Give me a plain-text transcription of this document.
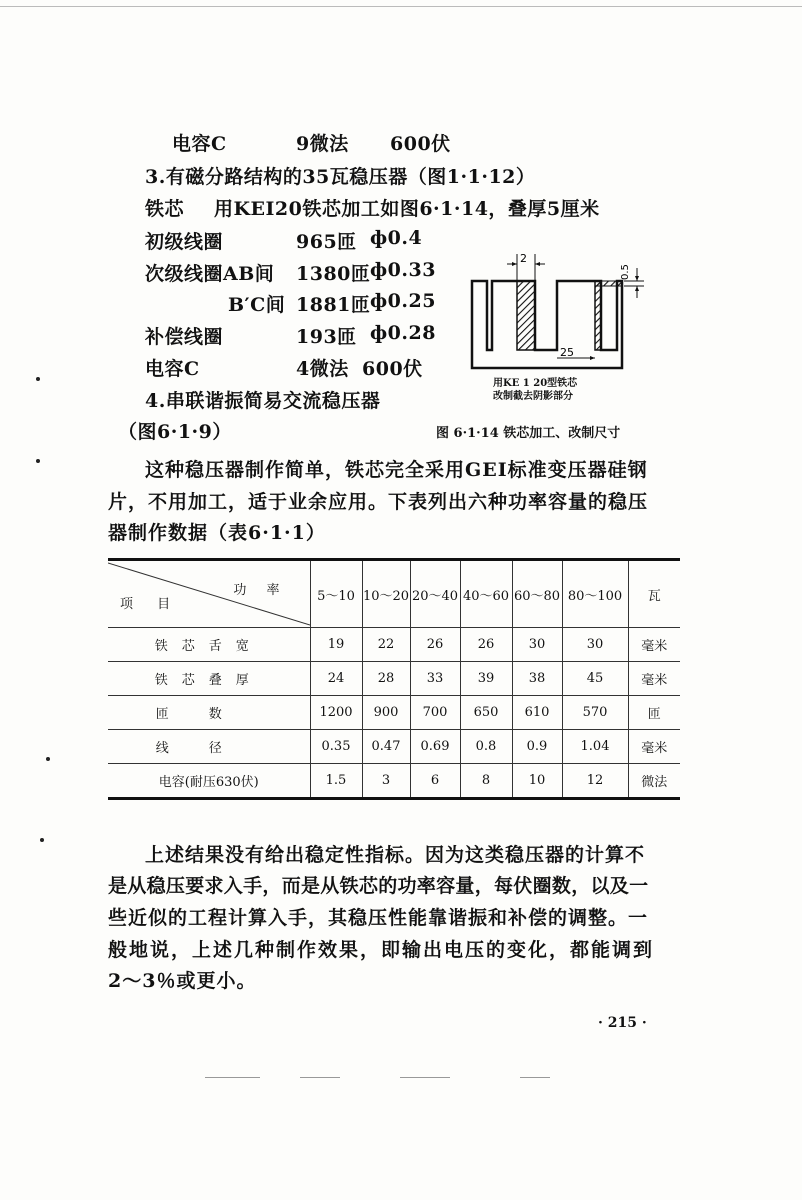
电容C	9微法 600伏
3.有磁分路结构的35瓦稳压器（图1·1·12）
铁芯 用KEI20铁芯加工如图6·1·14，叠厚5厘米
初级线圈	965匝 ф0.4
次级线圈AB间 1380匝 ф0.33
B′C间 1881匝 ф0.25
补偿线圈	193匝 ф0.28
电容C	4微法 600伏
4.串联谐振简易交流稳压器
（图6·1·9）
2
0.5
25
用KE 1 20型铁芯
改制截去阴影部分
图 6·1·14 铁芯加工、改制尺寸
这种稳压器制作简单，铁芯完全采用GEI标准变压器硅钢
片，不用加工，适于业余应用。下表列出六种功率容量的稳压
器制作数据（表6·1·1）
功 率
项 目	5～10	10～20	20～40	40～60	60～80	80～100	瓦
铁芯舌宽	19	22	26	26	30	30	毫米
铁芯叠厚	24	28	33	39	38	45	毫米
匝数	1200	900	700	650	610	570	匝
线径	0.35	0.47	0.69	0.8	0.9	1.04	毫米
电容(耐压630伏)	1.5	3	6	8	10	12	微法
上述结果没有给出稳定性指标。因为这类稳压器的计算不
是从稳压要求入手，而是从铁芯的功率容量，每伏圈数，以及一
些近似的工程计算入手，其稳压性能靠谐振和补偿的调整。一
般地说，上述几种制作效果，即输出电压的变化，都能调到
2～3％或更小。
· 215 ·
